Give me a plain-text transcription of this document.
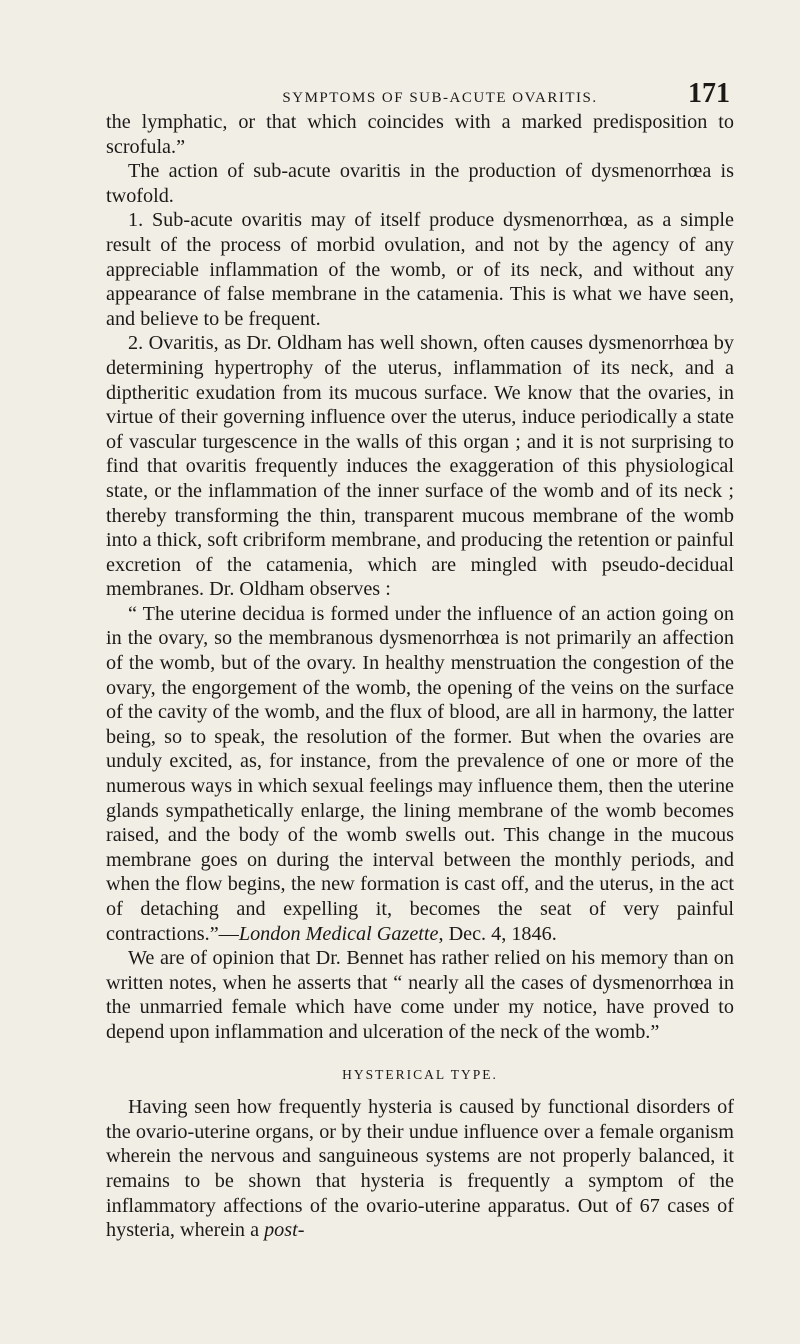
SYMPTOMS OF SUB-ACUTE OVARITIS.	171

the lymphatic, or that which coincides with a marked predisposition to scrofula.”

The action of sub-acute ovaritis in the production of dysmenorrhœa is twofold.

1. Sub-acute ovaritis may of itself produce dysmenorrhœa, as a simple result of the process of morbid ovulation, and not by the agency of any appreciable inflammation of the womb, or of its neck, and without any appearance of false membrane in the catamenia. This is what we have seen, and believe to be frequent.

2. Ovaritis, as Dr. Oldham has well shown, often causes dysmenorrhœa by determining hypertrophy of the uterus, inflammation of its neck, and a diptheritic exudation from its mucous surface. We know that the ovaries, in virtue of their governing influence over the uterus, induce periodically a state of vascular turgescence in the walls of this organ ; and it is not surprising to find that ovaritis frequently induces the exaggeration of this physiological state, or the inflammation of the inner surface of the womb and of its neck ; thereby transforming the thin, transparent mucous membrane of the womb into a thick, soft cribriform membrane, and producing the retention or painful excretion of the catamenia, which are mingled with pseudo-decidual membranes. Dr. Oldham observes :

“ The uterine decidua is formed under the influence of an action going on in the ovary, so the membranous dysmenorrhœa is not primarily an affection of the womb, but of the ovary. In healthy menstruation the congestion of the ovary, the engorgement of the womb, the opening of the veins on the surface of the cavity of the womb, and the flux of blood, are all in harmony, the latter being, so to speak, the resolution of the former. But when the ovaries are unduly excited, as, for instance, from the prevalence of one or more of the numerous ways in which sexual feelings may influence them, then the uterine glands sympathetically enlarge, the lining membrane of the womb becomes raised, and the body of the womb swells out. This change in the mucous membrane goes on during the interval between the monthly periods, and when the flow begins, the new formation is cast off, and the uterus, in the act of detaching and expelling it, becomes the seat of very painful contractions.”—London Medical Gazette, Dec. 4, 1846.

We are of opinion that Dr. Bennet has rather relied on his memory than on written notes, when he asserts that “ nearly all the cases of dysmenorrhœa in the unmarried female which have come under my notice, have proved to depend upon inflammation and ulceration of the neck of the womb.”

HYSTERICAL TYPE.

Having seen how frequently hysteria is caused by functional disorders of the ovario-uterine organs, or by their undue influence over a female organism wherein the nervous and sanguineous systems are not properly balanced, it remains to be shown that hysteria is frequently a symptom of the inflammatory affections of the ovario-uterine apparatus. Out of 67 cases of hysteria, wherein a post-
